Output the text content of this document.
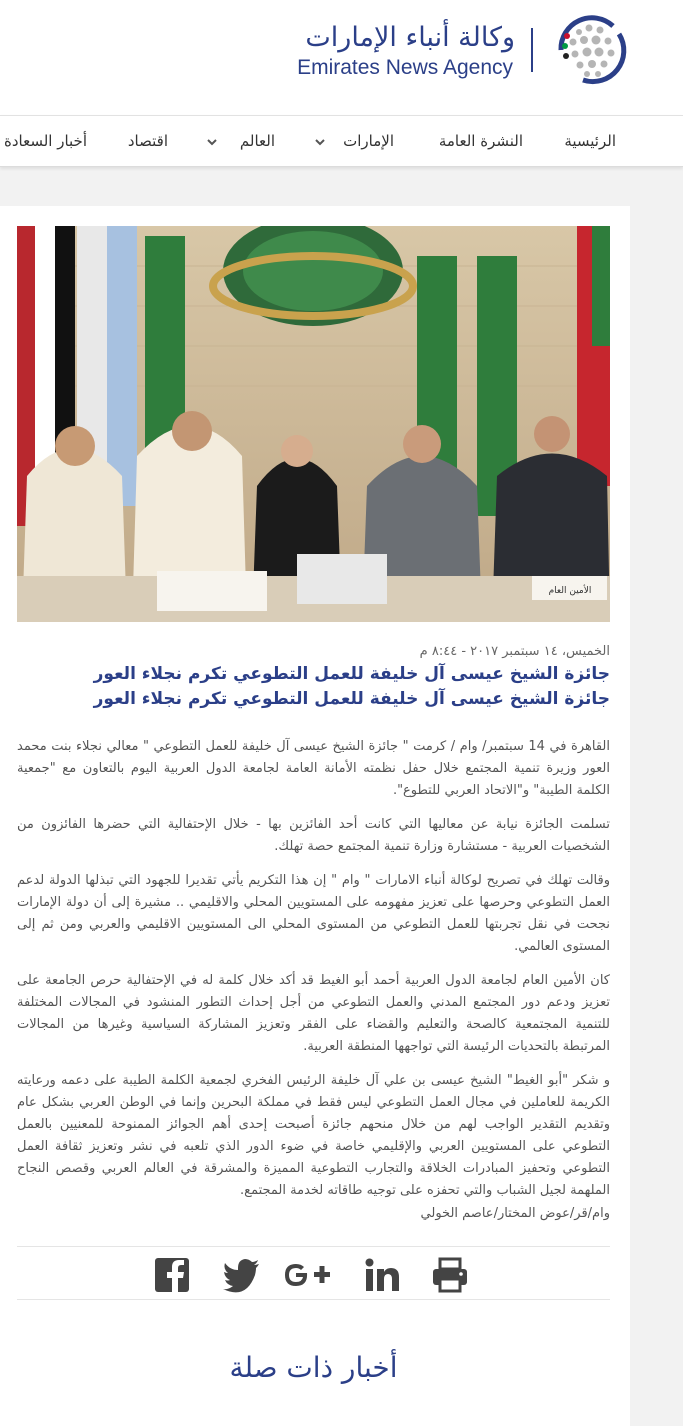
وكالة أنباء الإمارات
Emirates News Agency
الرئيسية
النشرة العامة
الإمارات
العالم
اقتصاد
أخبار السعادة
الأمين العام
الخميس، ١٤ سبتمبر ٢٠١٧ - ٨:٤٤ م
جائزة الشيخ عيسى آل خليفة للعمل التطوعي تكرم نجلاء العور
جائزة الشيخ عيسى آل خليفة للعمل التطوعي تكرم نجلاء العور

القاهرة في 14 سبتمبر/ وام / كرمت " جائزة الشيخ عيسى آل خليفة للعمل التطوعي " معالي نجلاء بنت محمد العور وزيرة تنمية المجتمع خلال حفل نظمته الأمانة العامة لجامعة الدول العربية اليوم بالتعاون مع "جمعية الكلمة الطيبة" و"الاتحاد العربي للتطوع".

تسلمت الجائزة نيابة عن معاليها التي كانت أحد الفائزين بها - خلال الإحتفالية التي حضرها الفائزون من الشخصيات العربية - مستشارة وزارة تنمية المجتمع حصة تهلك.

وقالت تهلك في تصريح لوكالة أنباء الامارات " وام " إن هذا التكريم يأتي تقديرا للجهود التي تبذلها الدولة لدعم العمل التطوعي وحرصها على تعزيز مفهومه على المستويين المحلي والاقليمي .. مشيرة إلى أن دولة الإمارات نجحت في نقل تجربتها للعمل التطوعي من المستوى المحلي الى المستويين الاقليمي والعربي ومن ثم إلى المستوى العالمي.

كان الأمين العام لجامعة الدول العربية أحمد أبو الغيط قد أكد خلال كلمة له في الإحتفالية حرص الجامعة على تعزيز ودعم دور المجتمع المدني والعمل التطوعي من أجل إحداث التطور المنشود في المجالات المختلفة للتنمية المجتمعية كالصحة والتعليم والقضاء على الفقر وتعزيز المشاركة السياسية وغيرها من المجالات المرتبطة بالتحديات الرئيسة التي تواجهها المنطقة العربية.

و شكر "أبو الغيط" الشيخ عيسى بن علي آل خليفة الرئيس الفخري لجمعية الكلمة الطيبة على دعمه ورعايته الكريمة للعاملين في مجال العمل التطوعي ليس فقط في مملكة البحرين وإنما في الوطن العربي بشكل عام وتقديم التقدير الواجب لهم من خلال منحهم جائزة أصبحت إحدى أهم الجوائز الممنوحة للمعنيين بالعمل التطوعي على المستويين العربي والإقليمي خاصة في ضوء الدور الذي تلعبه في نشر وتعزيز ثقافة العمل التطوعي وتحفيز المبادرات الخلاقة والتجارب التطوعية المميزة والمشرقة في العالم العربي وقصص النجاح الملهمة لجيل الشباب والتي تحفزه على توجيه طاقاته لخدمة المجتمع.

وام/قر/عوض المختار/عاصم الخولي
أخبار ذات صلة
